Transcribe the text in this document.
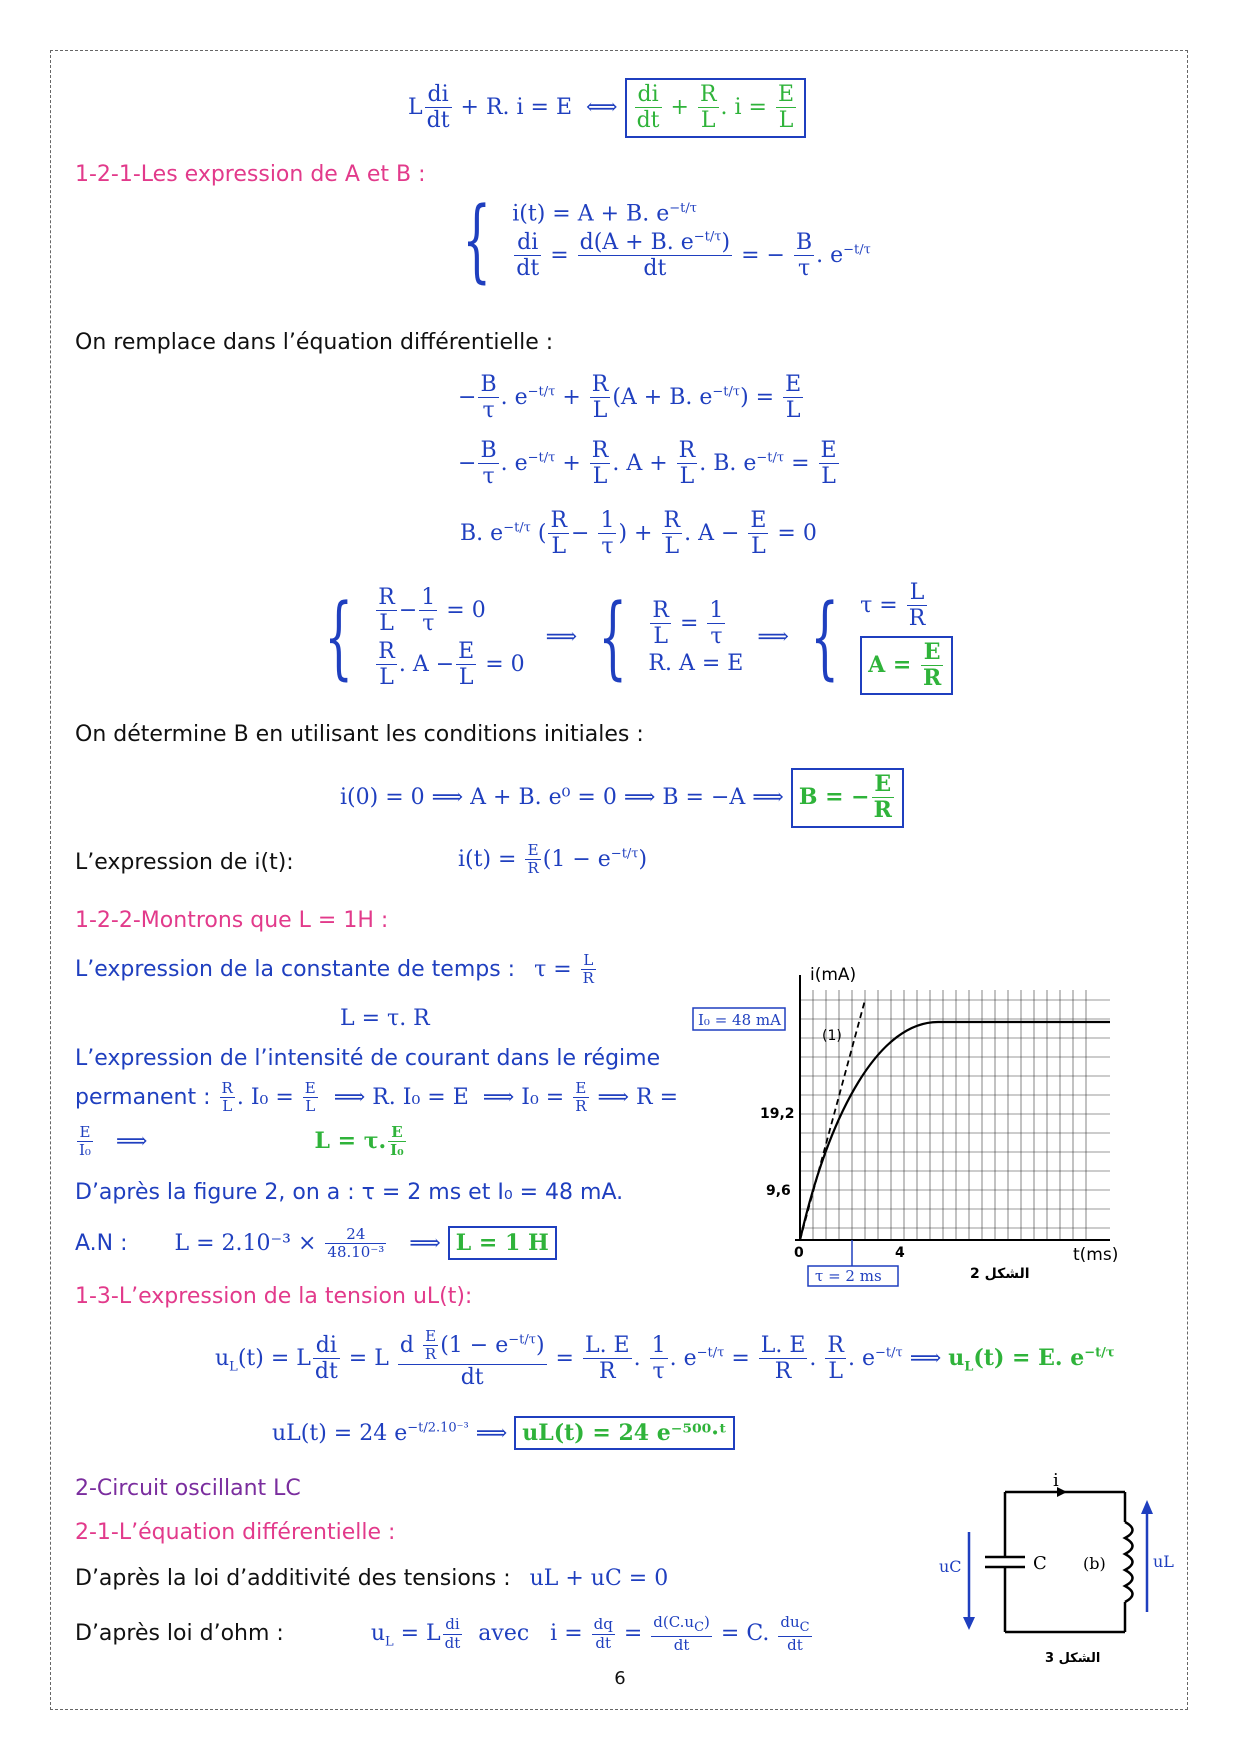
L $\frac{di}{dt} + R$. i = E  ⟺ $\frac{di}{dt} + \frac{R}{L}$ . $i = \frac{E}{L}$
1-2-1-Les expression de A et B :
{ i(t) = A + B. $e^{-t/\tau}$
$\frac{di}{dt} = \frac{d(A + B. e^{-t/\tau})}{dt}$ = − $\frac{B}{\tau}$ . $e^{-t/\tau}$
On remplace dans l’équation différentielle :
− $\frac{B}{\tau}$ . $e^{-t/\tau} + \frac{R}{L} (A + B$. $e^{-t/\tau}) = \frac{E}{L}$
− $\frac{B}{\tau}$ . $e^{-t/\tau} + \frac{R}{L}$ . $A + \frac{R}{L}$ . B. $e^{-t/\tau} = \frac{E}{L}$
B. $e^{-t/\tau}$ ( $\frac{R}{L} - \frac{1}{\tau}$ ) + $\frac{R}{L}$ . $A - \frac{E}{L} = 0$
{ $\frac{R}{L} - \frac{1}{\tau} = 0$
$\frac{R}{L}$ . $A - \frac{E}{L} = 0$
⟹ { $\frac{R}{L} = \frac{1}{\tau}$
R. A = E
⟹ { $\frac{\tau = \frac{L}{R}}{A = \frac{E}{R}}$
On détermine B en utilisant les conditions initiales :
i(0) = 0 ⟹ A + B. e⁰ = 0 ⟹ B = −A ⟹ B = − $\frac{E}{R}$
L’expression de i(t):	$i(t) = \frac{E}{R} (1 - e^{-t/\tau})$
1-2-2-Montrons que L = 1H :
L’expression de la constante de temps : $\tau = \frac{L}{R}$
L = τ. R
L’expression de l’intensité de courant dans le régime
permanent : $\frac{R}{L}$ . $I_0 = \frac{E}{L}$ ⟹ R. I₀ = E  ⟹ $I_0 = \frac{E}{R}$ ⟹ R =
$\frac{E}{\text{I₀}}$ ⟹	L = τ. $\frac{E}{\text{I₀}}$
D’après la figure 2, on a : τ = 2 ms et I₀ = 48 mA.
A.N : $L = 2.10^{-3} \times \frac{24}{\text{48.10⁻³}}$ ⟹ L = 1 H
i(mA)
t(ms)
I₀ = 48 mA
19,2
9,6
0	4
(1)
τ = 2 ms	الشكل 2
1-3-L’expression de la tension uL(t):
$u_L(t) = L \frac{di}{dt} = L \frac{d \frac{E}{R} (1 - e^{-t/\tau})}{dt} = \frac{L. E}{R}$ . $\frac{1}{\tau}$ . $e^{-t/\tau} = \frac{L. E}{R}$ . $\frac{R}{L}$ . $e^{-t/\tau}$ ⟹ $u_L(t) = E$. $e^{-t/\tau}$
uL(t) = 24 $e^{-t/2.10^{-3}}$ ⟹ uL(t) = 24 e⁻⁵⁰⁰·ᵗ
2-Circuit oscillant LC
2-1-L’équation différentielle :
D’après la loi d’additivité des tensions : uL + uC = 0
D’après loi d’ohm :	$u_L = L \frac{di}{dt}$ avec   $i = \frac{dq}{dt} = \frac{d(C.u_C)}{dt} = C$. $\frac{du_C}{dt}$
i
C (b)
uC	uL
الشكل 3
6
